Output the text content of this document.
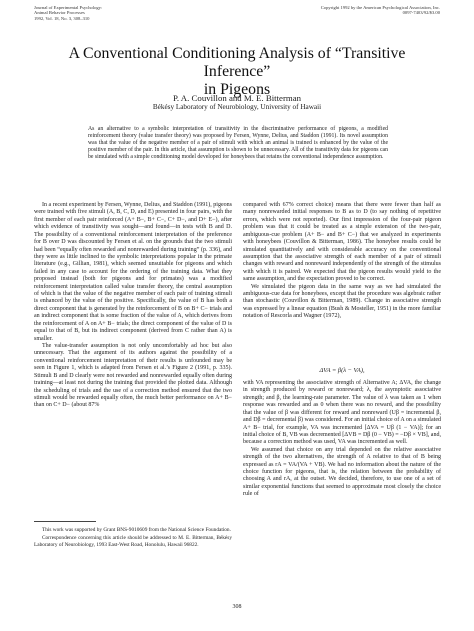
Journal of Experimental Psychology:
Animal Behavior Processes
1992, Vol. 18, No. 3, 308–310
Copyright 1992 by the American Psychological Association, Inc.
0097-7403/92/$3.00
A Conventional Conditioning Analysis of “Transitive Inference”
in Pigeons
P. A. Couvillon and M. E. Bitterman
Békésy Laboratory of Neurobiology, University of Hawaii

As an alternative to a symbolic interpretation of transitivity in the discriminative performance of pigeons, a modified reinforcement theory (value transfer theory) was proposed by Fersen, Wynne, Delius, and Staddon (1991). Its novel assumption was that the value of the negative member of a pair of stimuli with which an animal is trained is enhanced by the value of the positive member of the pair. In this article, that assumption is shown to be unnecessary. All of the transitivity data for pigeons can be simulated with a simple conditioning model developed for honeybees that retains the conventional independence assumption.

In a recent experiment by Fersen, Wynne, Delius, and Staddon (1991), pigeons were trained with five stimuli (A, B, C, D, and E) presented in four pairs, with the first member of each pair reinforced (A+ B−, B+ C−, C+ D−, and D+ E−), after which evidence of transitivity was sought—and found—in tests with B and D. The possibility of a conventional reinforcement interpretation of the preference for B over D was discounted by Fersen et al. on the grounds that the two stimuli had been “equally often rewarded and nonrewarded during training” (p. 336), and they were as little inclined to the symbolic interpretations popular in the primate literature (e.g., Gillian, 1981), which seemed unsuitable for pigeons and which failed in any case to account for the ordering of the training data. What they proposed instead (both for pigeons and for primates) was a modified reinforcement interpretation called value transfer theory, the central assumption of which is that the value of the negative member of each pair of training stimuli is enhanced by the value of the positive. Specifically, the value of B has both a direct component that is generated by the reinforcement of B on B+ C− trials and an indirect component that is some fraction of the value of A, which derives from the reinforcement of A on A+ B− trials; the direct component of the value of D is equal to that of B, but its indirect component (derived from C rather than A) is smaller.

The value-transfer assumption is not only uncomfortably ad hoc but also unnecessary. That the argument of its authors against the possibility of a conventional reinforcement interpretation of their results is unfounded may be seen in Figure 1, which is adapted from Fersen et al.’s Figure 2 (1991, p. 335). Stimuli B and D clearly were not rewarded and nonrewarded equally often during training—at least not during the training that provided the plotted data. Although the scheduling of trials and the use of a correction method ensured that the two stimuli would be rewarded equally often, the much better performance on A+ B− than on C+ D− (about 87%

This work was supported by Grant BNS-9010609 from the National Science Foundation.

Correspondence concerning this article should be addressed to M. E. Bitterman, Békésy Laboratory of Neurobiology, 1993 East-West Road, Honolulu, Hawaii 96822.

compared with 67% correct choice) means that there were fewer than half as many nonrewarded initial responses to B as to D (to say nothing of repetitive errors, which were not reported). Our first impression of the four-pair pigeon problem was that it could be treated as a simple extension of the two-pair, ambiguous-cue problem (A+ B− and B+ C−) that we analyzed in experiments with honeybees (Couvillon & Bitterman, 1986). The honeybee results could be simulated quantitatively and with considerable accuracy on the conventional assumption that the associative strength of each member of a pair of stimuli changes with reward and nonreward independently of the strength of the stimulus with which it is paired. We expected that the pigeon results would yield to the same assumption, and the expectation proved to be correct.

We simulated the pigeon data in the same way as we had simulated the ambiguous-cue data for honeybees, except that the procedure was algebraic rather than stochastic (Couvillon & Bitterman, 1989). Change in associative strength was expressed by a linear equation (Bush & Mosteller, 1951) in the more familiar notation of Rescorla and Wagner (1972),

ΔVA = β(λ − VA),

with VA representing the associative strength of Alternative A; ΔVA, the change in strength produced by reward or nonreward; λ, the asymptotic associative strength; and β, the learning-rate parameter. The value of λ was taken as 1 when response was rewarded and as 0 when there was no reward, and the possibility that the value of β was different for reward and nonreward (Uβ = incremental β, and Dβ = decremental β) was considered. For an initial choice of A on a simulated A+ B− trial, for example, VA was incremented [ΔVA = Uβ (1 − VA)]; for an initial choice of B, VB was decremented [ΔVB = Dβ (0 − VB) = −Dβ × VB], and, because a correction method was used, VA was incremented as well.

We assumed that choice on any trial depended on the relative associative strength of the two alternatives, the strength of A relative to that of B being expressed as rA = VA/(VA + VB). We had no information about the nature of the choice function for pigeons, that is, the relation between the probability of choosing A and rA, at the outset. We decided, therefore, to use one of a set of similar exponential functions that seemed to approximate most closely the choice rule of

308
